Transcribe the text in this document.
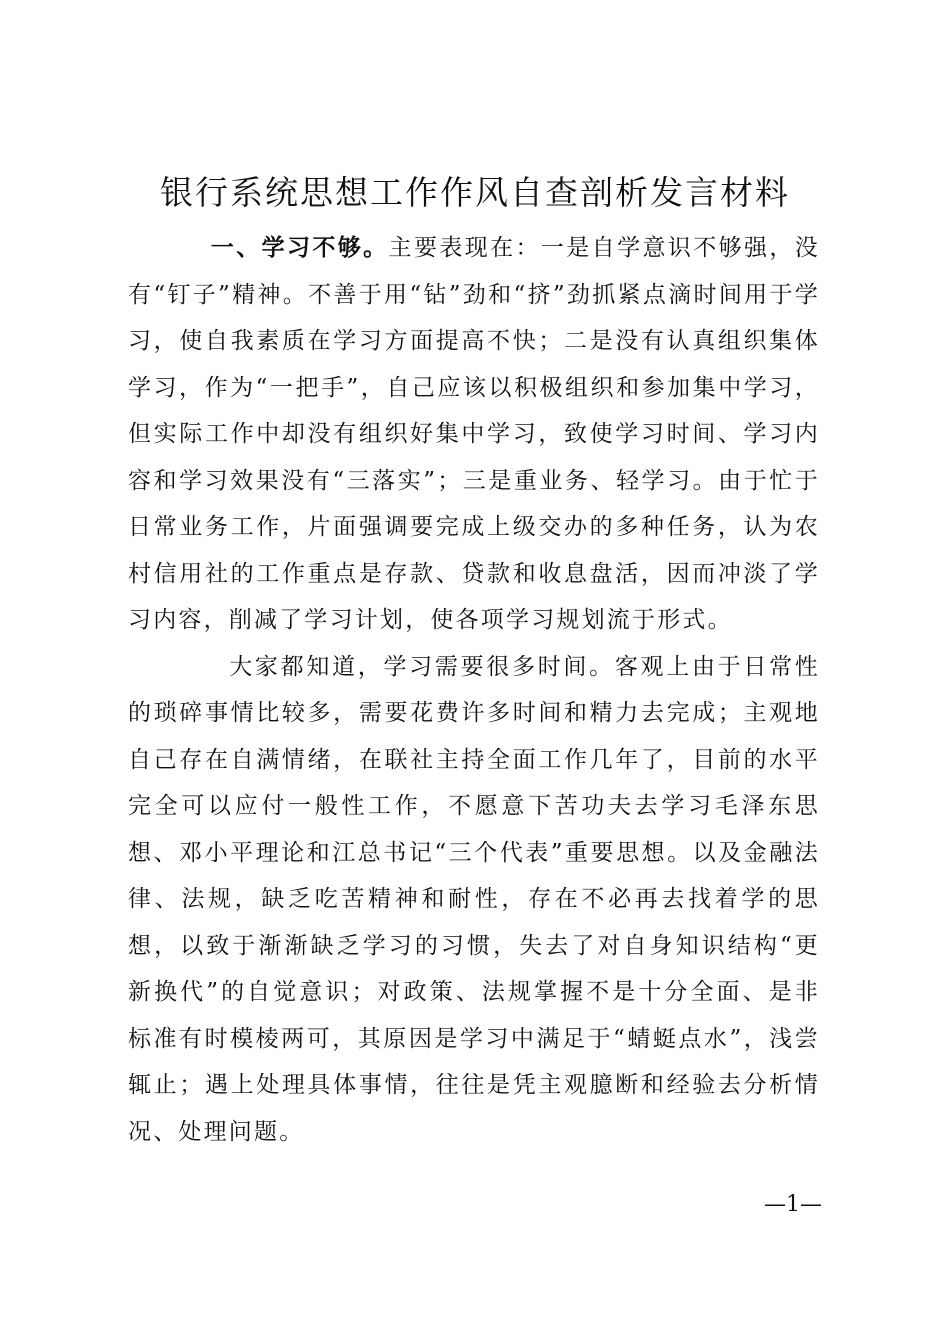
银行系统思想工作作风自查剖析发言材料

一、学习不够。主要表现在：一是自学意识不够强，没有“钉子”精神。不善于用“钻”劲和“挤”劲抓紧点滴时间用于学习，使自我素质在学习方面提高不快；二是没有认真组织集体学习，作为“一把手”，自己应该以积极组织和参加集中学习，但实际工作中却没有组织好集中学习，致使学习时间、学习内容和学习效果没有“三落实”；三是重业务、轻学习。由于忙于日常业务工作，片面强调要完成上级交办的多种任务，认为农村信用社的工作重点是存款、贷款和收息盘活，因而冲淡了学习内容，削减了学习计划，使各项学习规划流于形式。

大家都知道，学习需要很多时间。客观上由于日常性的琐碎事情比较多，需要花费许多时间和精力去完成；主观地自己存在自满情绪，在联社主持全面工作几年了，目前的水平完全可以应付一般性工作，不愿意下苦功夫去学习毛泽东思想、邓小平理论和江总书记“三个代表”重要思想。以及金融法律、法规，缺乏吃苦精神和耐性，存在不必再去找着学的思想，以致于渐渐缺乏学习的习惯，失去了对自身知识结构“更新换代”的自觉意识；对政策、法规掌握不是十分全面、是非标准有时模棱两可，其原因是学习中满足于“蜻蜓点水”，浅尝辄止；遇上处理具体事情，往往是凭主观臆断和经验去分析情况、处理问题。

—1—
